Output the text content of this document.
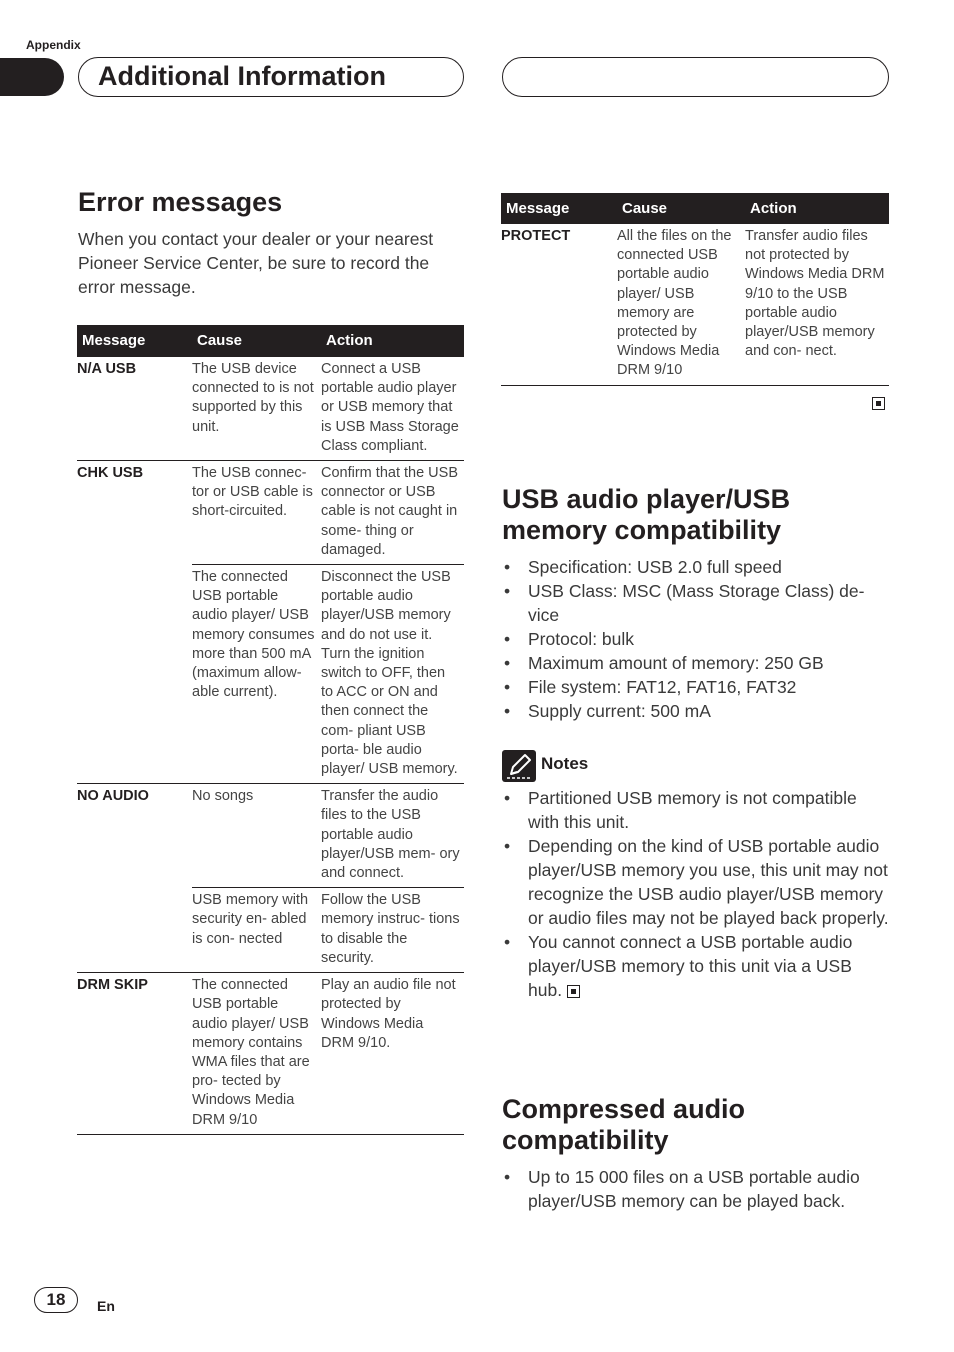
Appendix
Additional Information
Error messages
When you contact your dealer or your nearest Pioneer Service Center, be sure to record the error message.
Message	Cause	Action
N/A USB	The USB device connected to is not supported by this unit.	Connect a USB portable audio player or USB memory that is USB Mass Storage Class compliant.
CHK USB	The USB connec- tor or USB cable is short-circuited.	Confirm that the USB connector or USB cable is not caught in some- thing or damaged.
	The connected USB portable audio player/ USB memory consumes more than 500 mA (maximum allow- able current).	Disconnect the USB portable audio player/USB memory and do not use it. Turn the ignition switch to OFF, then to ACC or ON and then connect the com- pliant USB porta- ble audio player/ USB memory.
NO AUDIO	No songs	Transfer the audio files to the USB portable audio player/USB mem- ory and connect.
	USB memory with security en- abled is con- nected	Follow the USB memory instruc- tions to disable the security.
DRM SKIP	The connected USB portable audio player/ USB memory contains WMA files that are pro- tected by Windows Media DRM 9/10	Play an audio file not protected by Windows Media DRM 9/10.
Message	Cause	Action
PROTECT	All the files on the connected USB portable audio player/ USB memory are protected by Windows Media DRM 9/10	Transfer audio files not protected by Windows Media DRM 9/10 to the USB portable audio player/USB memory and con- nect.
USB audio player/USB memory compatibility
• Specification: USB 2.0 full speed
• USB Class: MSC (Mass Storage Class) de- vice
• Protocol: bulk
• Maximum amount of memory: 250 GB
• File system: FAT12, FAT16, FAT32
• Supply current: 500 mA
Notes
• Partitioned USB memory is not compatible with this unit.
• Depending on the kind of USB portable audio player/USB memory you use, this unit may not recognize the USB audio player/USB memory or audio files may not be played back properly.
• You cannot connect a USB portable audio player/USB memory to this unit via a USB hub.
Compressed audio compatibility
• Up to 15 000 files on a USB portable audio player/USB memory can be played back.
18	En
